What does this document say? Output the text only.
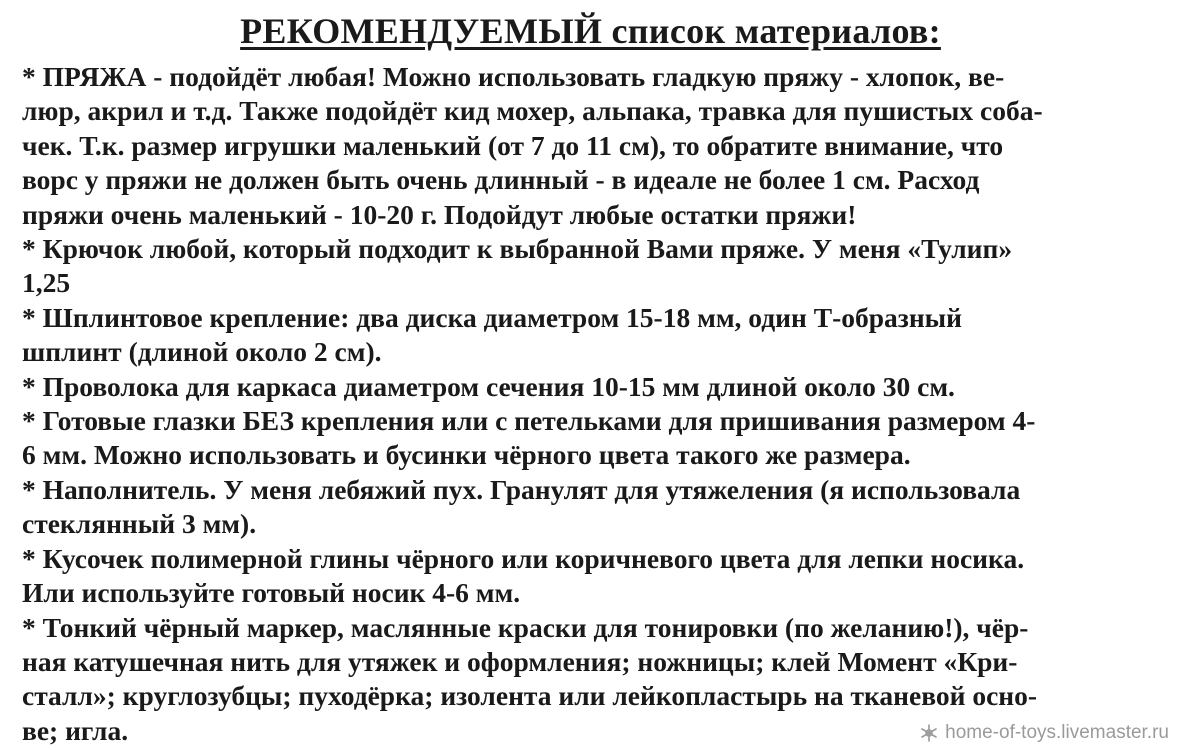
РЕКОМЕНДУЕМЫЙ список материалов:
* ПРЯЖА - подойдёт любая! Можно использовать гладкую пряжу - хлопок, ве-
люр, акрил и т.д. Также подойдёт кид мохер, альпака, травка для пушистых соба-
чек. Т.к. размер игрушки маленький (от 7 до 11 см), то обратите внимание, что
ворс у пряжи не должен быть очень длинный - в идеале не более 1 см. Расход
пряжи очень маленький - 10-20 г. Подойдут любые остатки пряжи!
* Крючок любой, который подходит к выбранной Вами пряже. У меня «Тулип»
1,25
* Шплинтовое крепление: два диска диаметром 15-18 мм, один Т-образный
шплинт (длиной около 2 см).
* Проволока для каркаса диаметром сечения 10-15 мм длиной около 30 см.
* Готовые глазки БЕЗ крепления или с петельками для пришивания размером 4-
6 мм. Можно использовать и бусинки чёрного цвета такого же размера.
* Наполнитель. У меня лебяжий пух. Гранулят для утяжеления (я использовала
стеклянный 3 мм).
* Кусочек полимерной глины чёрного или коричневого цвета для лепки носика.
Или используйте готовый носик 4-6 мм.
* Тонкий чёрный маркер, маслянные краски для тонировки (по желанию!), чёр-
ная катушечная нить для утяжек и оформления; ножницы; клей Момент «Кри-
сталл»; круглозубцы; пуходёрка; изолента или лейкопластырь на тканевой осно-
ве; игла.	home-of-toys.livemaster.ru
